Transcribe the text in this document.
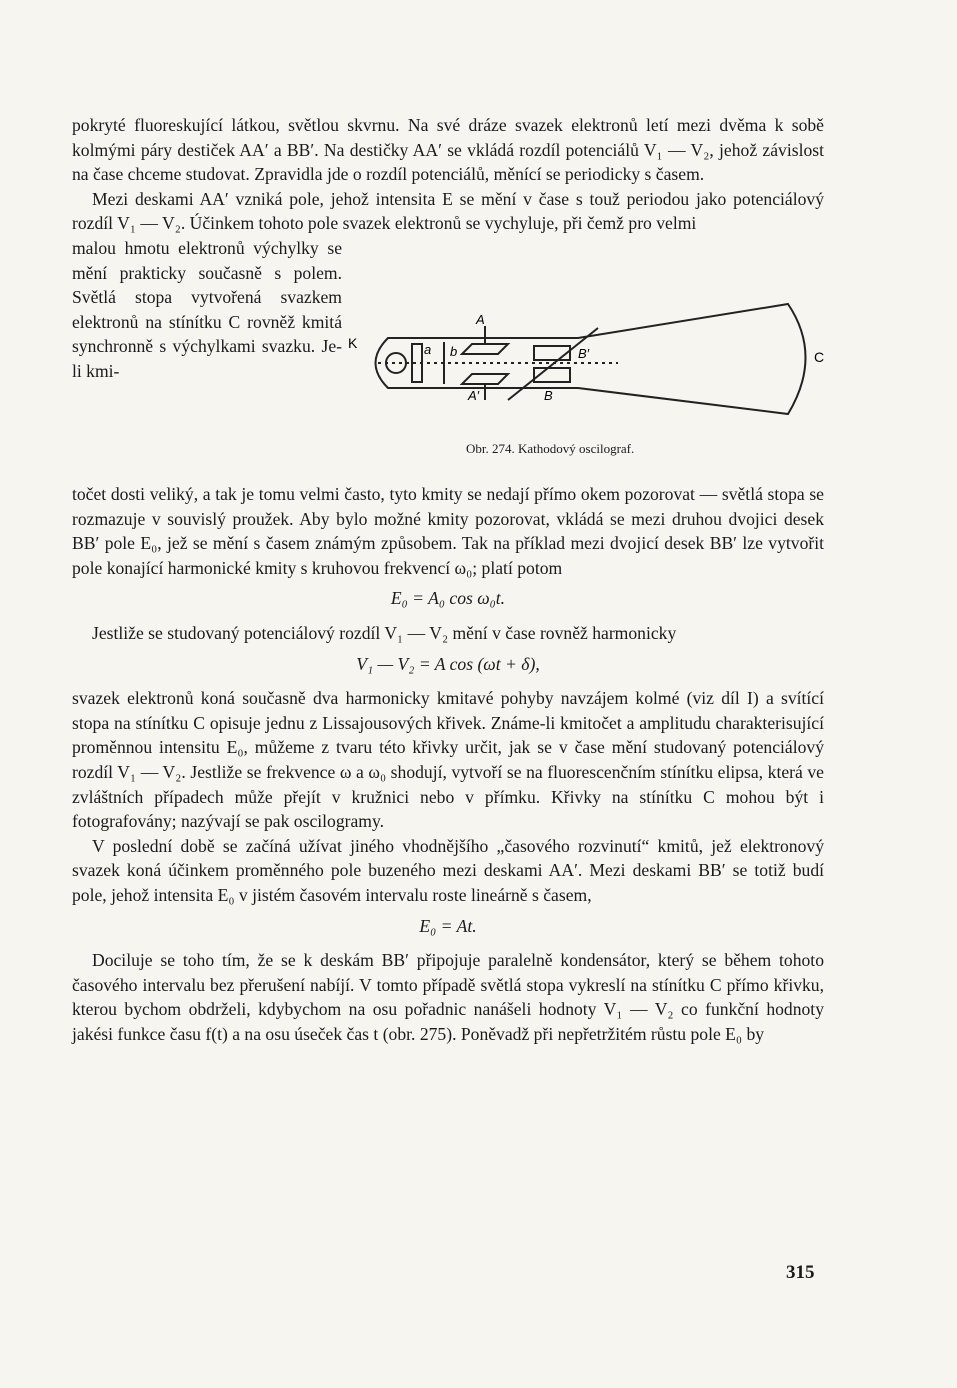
pokryté fluoreskující látkou, světlou skvrnu. Na své dráze svazek elektronů letí mezi dvěma k sobě kolmými páry destiček AA′ a BB′. Na destičky AA′ se vkládá rozdíl potenciálů V₁ — V₂, jehož závislost na čase chceme studovat. Zpravidla jde o rozdíl potenciálů, měnící se periodicky s časem.

Mezi deskami AA′ vzniká pole, jehož intensita E se mění v čase s touž periodou jako potenciálový rozdíl V₁ — V₂. Účinkem tohoto pole svazek elektronů se vychyluje, při čemž pro velmi

malou hmotu elektronů výchylky se mění prakticky současně s polem. Světlá stopa vytvořená svazkem elektronů na stínítku C rovněž kmitá synchronně s výchylkami svazku. Je-li kmi-

K	a b
A
A′
B′
B
C
Obr. 274. Kathodový oscilograf.

točet dosti veliký, a tak je tomu velmi často, tyto kmity se nedají přímo okem pozorovat — světlá stopa se rozmazuje v souvislý proužek. Aby bylo možné kmity pozorovat, vkládá se mezi druhou dvojici desek BB′ pole E₀, jež se mění s časem známým způsobem. Tak na příklad mezi dvojicí desek BB′ lze vytvořit pole konající harmonické kmity s kruhovou frekvencí ω₀; platí potom

E₀ = A₀ cos ω₀t.

Jestliže se studovaný potenciálový rozdíl V₁ — V₂ mění v čase rovněž harmonicky

V₁ — V₂ = A cos (ωt + δ),

svazek elektronů koná současně dva harmonicky kmitavé pohyby navzájem kolmé (viz díl I) a svítící stopa na stínítku C opisuje jednu z Lissajousových křivek. Známe-li kmitočet a amplitudu charakterisující proměnnou intensitu E₀, můžeme z tvaru této křivky určit, jak se v čase mění studovaný potenciálový rozdíl V₁ — V₂. Jestliže se frekvence ω a ω₀ shodují, vytvoří se na fluorescenčním stínítku elipsa, která ve zvláštních případech může přejít v kružnici nebo v přímku. Křivky na stínítku C mohou být i fotografovány; nazývají se pak oscilogramy.

V poslední době se začíná užívat jiného vhodnějšího „časového rozvinutí“ kmitů, jež elektronový svazek koná účinkem proměnného pole buzeného mezi deskami AA′. Mezi deskami BB′ se totiž budí pole, jehož intensita E₀ v jistém časovém intervalu roste lineárně s časem,

E₀ = At.

Dociluje se toho tím, že se k deskám BB′ připojuje paralelně kondensátor, který se během tohoto časového intervalu bez přerušení nabíjí. V tomto případě světlá stopa vykreslí na stínítku C přímo křivku, kterou bychom obdrželi, kdybychom na osu pořadnic nanášeli hodnoty V₁ — V₂ co funkční hodnoty jakési funkce času f(t) a na osu úseček čas t (obr. 275). Poněvadž při nepřetržitém růstu pole E₀ by

315
